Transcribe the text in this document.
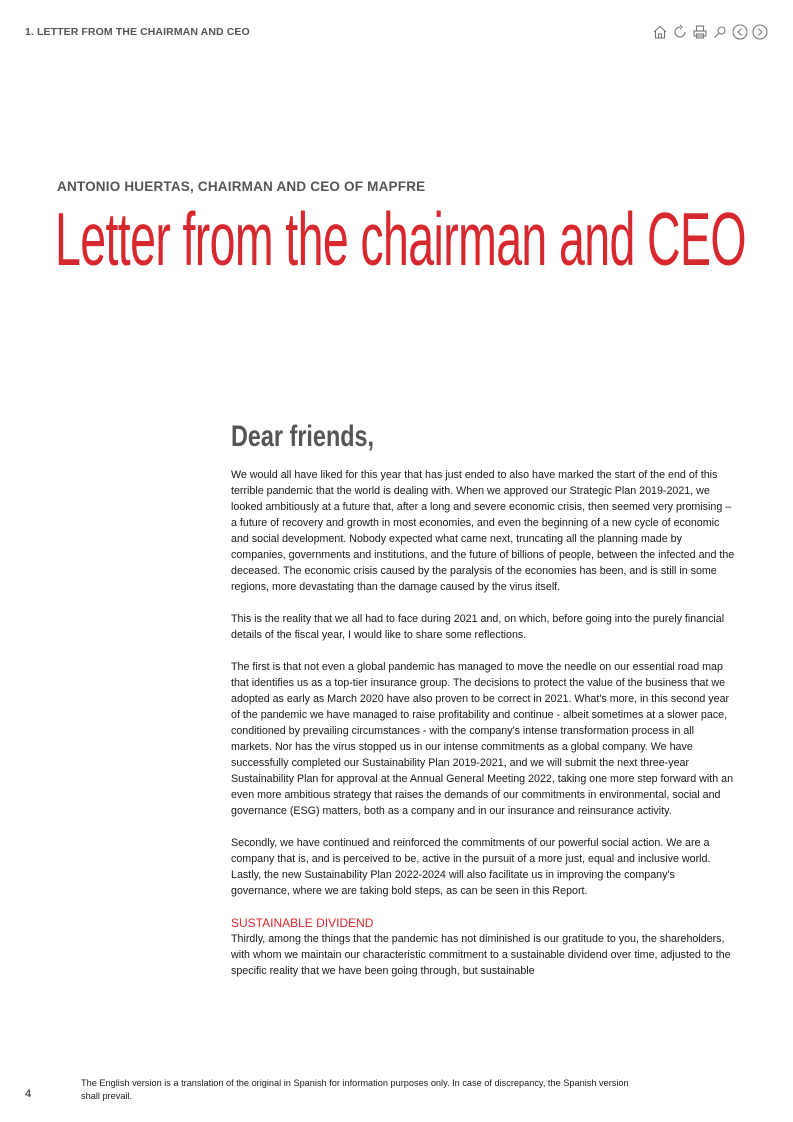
1. LETTER FROM THE CHAIRMAN AND CEO
ANTONIO HUERTAS, CHAIRMAN AND CEO OF MAPFRE
Letter from the chairman and CEO
Dear friends,

We would all have liked for this year that has just ended to also have marked the start of the end of this terrible pandemic that the world is dealing with. When we approved our Strategic Plan 2019-2021, we looked ambitiously at a future that, after a long and severe economic crisis, then seemed very promising – a future of recovery and growth in most economies, and even the beginning of a new cycle of economic and social development. Nobody expected what came next, truncating all the planning made by companies, governments and institutions, and the future of billions of people, between the infected and the deceased. The economic crisis caused by the paralysis of the economies has been, and is still in some regions, more devastating than the damage caused by the virus itself.

This is the reality that we all had to face during 2021 and, on which, before going into the purely financial details of the fiscal year, I would like to share some reflections.

The first is that not even a global pandemic has managed to move the needle on our essential road map that identifies us as a top-tier insurance group. The decisions to protect the value of the business that we adopted as early as March 2020 have also proven to be correct in 2021. What's more, in this second year of the pandemic we have managed to raise profitability and continue - albeit sometimes at a slower pace, conditioned by prevailing circumstances - with the company's intense transformation process in all markets. Nor has the virus stopped us in our intense commitments as a global company. We have successfully completed our Sustainability Plan 2019-2021, and we will submit the next three-year Sustainability Plan for approval at the Annual General Meeting 2022, taking one more step forward with an even more ambitious strategy that raises the demands of our commitments in environmental, social and governance (ESG) matters, both as a company and in our insurance and reinsurance activity.

Secondly, we have continued and reinforced the commitments of our powerful social action. We are a company that is, and is perceived to be, active in the pursuit of a more just, equal and inclusive world. Lastly, the new Sustainability Plan 2022-2024 will also facilitate us in improving the company's governance, where we are taking bold steps, as can be seen in this Report.

SUSTAINABLE DIVIDEND

Thirdly, among the things that the pandemic has not diminished is our gratitude to you, the shareholders, with whom we maintain our characteristic commitment to a sustainable dividend over time, adjusted to the specific reality that we have been going through, but sustainable

4
The English version is a translation of the original in Spanish for information purposes only. In case of discrepancy, the Spanish version shall prevail.
